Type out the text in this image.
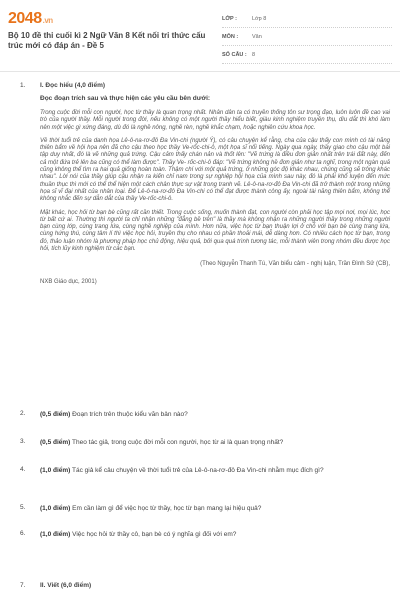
2048.vn
Bộ 10 đề thi cuối kì 2 Ngữ Văn 8 Kết nối tri thức cấu trúc mới có đáp án - Đề 5
LỚP :	Lớp 8
MÔN :	Văn
SỐ CÂU : 8
1. I. Đọc hiểu (4,0 điểm)
Đọc đoạn trích sau và thực hiện các yêu cầu bên dưới:

Trong cuộc đời mỗi con người, học từ thầy là quan trọng nhất. Nhân dân ta có truyền thống tôn sư trọng đạo, luôn luôn đề cao vai trò của người thầy. Mỗi người trong đời, nếu không có một người thầy hiểu biết, giàu kinh nghiệm truyền thụ, dìu dắt thì khó làm nên một việc gì xứng đáng, dù đó là nghề nông, nghề rèn, nghề khắc chạm, hoặc nghiên cứu khoa học.

Về thời tuổi trẻ của danh họa Lê-ô-na-rơ-đô Đa Vin-chi (người Ý), có câu chuyện kể rằng, cha của cậu thấy con mình có tài năng thiên bẩm về hội họa nên đã cho cậu theo học thầy Ve-rốc-chi-ô, một họa sĩ nổi tiếng. Ngày qua ngày, thầy giao cho cậu một bài tập duy nhất, đó là vẽ những quả trứng. Cậu cảm thấy chán nản và thốt lên: "Vẽ trứng là điều đơn giản nhất trên trái đất này, đến cả một đứa trẻ lên ba cũng có thể làm được". Thầy Ve- rốc-chi-ô đáp: "Vẽ trứng không hề đơn giản như ta nghĩ, trong một ngàn quả cũng không thể tìm ra hai quả giống hoàn toàn. Thậm chí với một quả trứng, ở những góc độ khác nhau, chúng cũng sẽ trông khác nhau". Lời nói của thầy giúp cậu nhận ra kiến chỉ nam trong sự nghiệp hội họa của mình sau này, đó là phải khổ luyện đến mức thuần thục thì mới có thể thể hiện một cách chân thực sự vật trong tranh vẽ. Lê-ô-na-rơ-đô Đa Vin-chi đã trở thành một trong những họa sĩ vĩ đại nhất của nhân loại. Để Lê-ô-na-rơ-đô Đa Vin-chi có thể đạt được thành công ấy, ngoài tài năng thiên bẩm, không thể không nhắc đến sự dẫn dắt của thầy Ve-rốc-chi-ô.

Mặt khác, học hỏi từ bạn bè cũng rất cần thiết. Trong cuộc sống, muốn thành đạt, con người còn phải học tập mọi nơi, mọi lúc, học từ bất cứ ai. Thường thì người ta chỉ nhận những "đẳng bề trên" là thầy mà không nhận ra những người thầy trong những người bạn cùng lớp, cùng trang lứa, cùng nghề nghiệp của mình. Hơn nữa, việc học từ bạn thuận lợi ở chỗ với bạn bè cùng trang lứa, cùng hứng thú, cùng tâm lí thì việc học hỏi, truyền thụ cho nhau có phần thoải mái, dễ dàng hơn. Có nhiều cách học từ bạn, trong đó, thảo luận nhóm là phương pháp học chủ động, hiệu quả, bởi qua quá trình tương tác, mỗi thành viên trong nhóm đều được học hỏi, tích lũy kinh nghiệm từ các bạn.

(Theo Nguyễn Thanh Tú, Văn biểu cảm - nghị luận, Trần Đình Sử (CB),

NXB Giáo dục, 2001)

2. (0,5 điểm) Đoạn trích trên thuộc kiểu văn bản nào?
3. (0,5 điểm) Theo tác giả, trong cuộc đời mỗi con người, học từ ai là quan trọng nhất?
4. (1,0 điểm) Tác giả kể câu chuyện về thời tuổi trẻ của Lê-ô-na-rơ-đô Đa Vin-chi nhằm mục đích gì?
5. (1,0 điểm) Em cần làm gì để việc học từ thầy, học từ bạn mang lại hiệu quả?
6. (1,0 điểm) Việc học hỏi từ thầy cô, bạn bè có ý nghĩa gì đối với em?
7. II. Viết (6,0 điểm)
